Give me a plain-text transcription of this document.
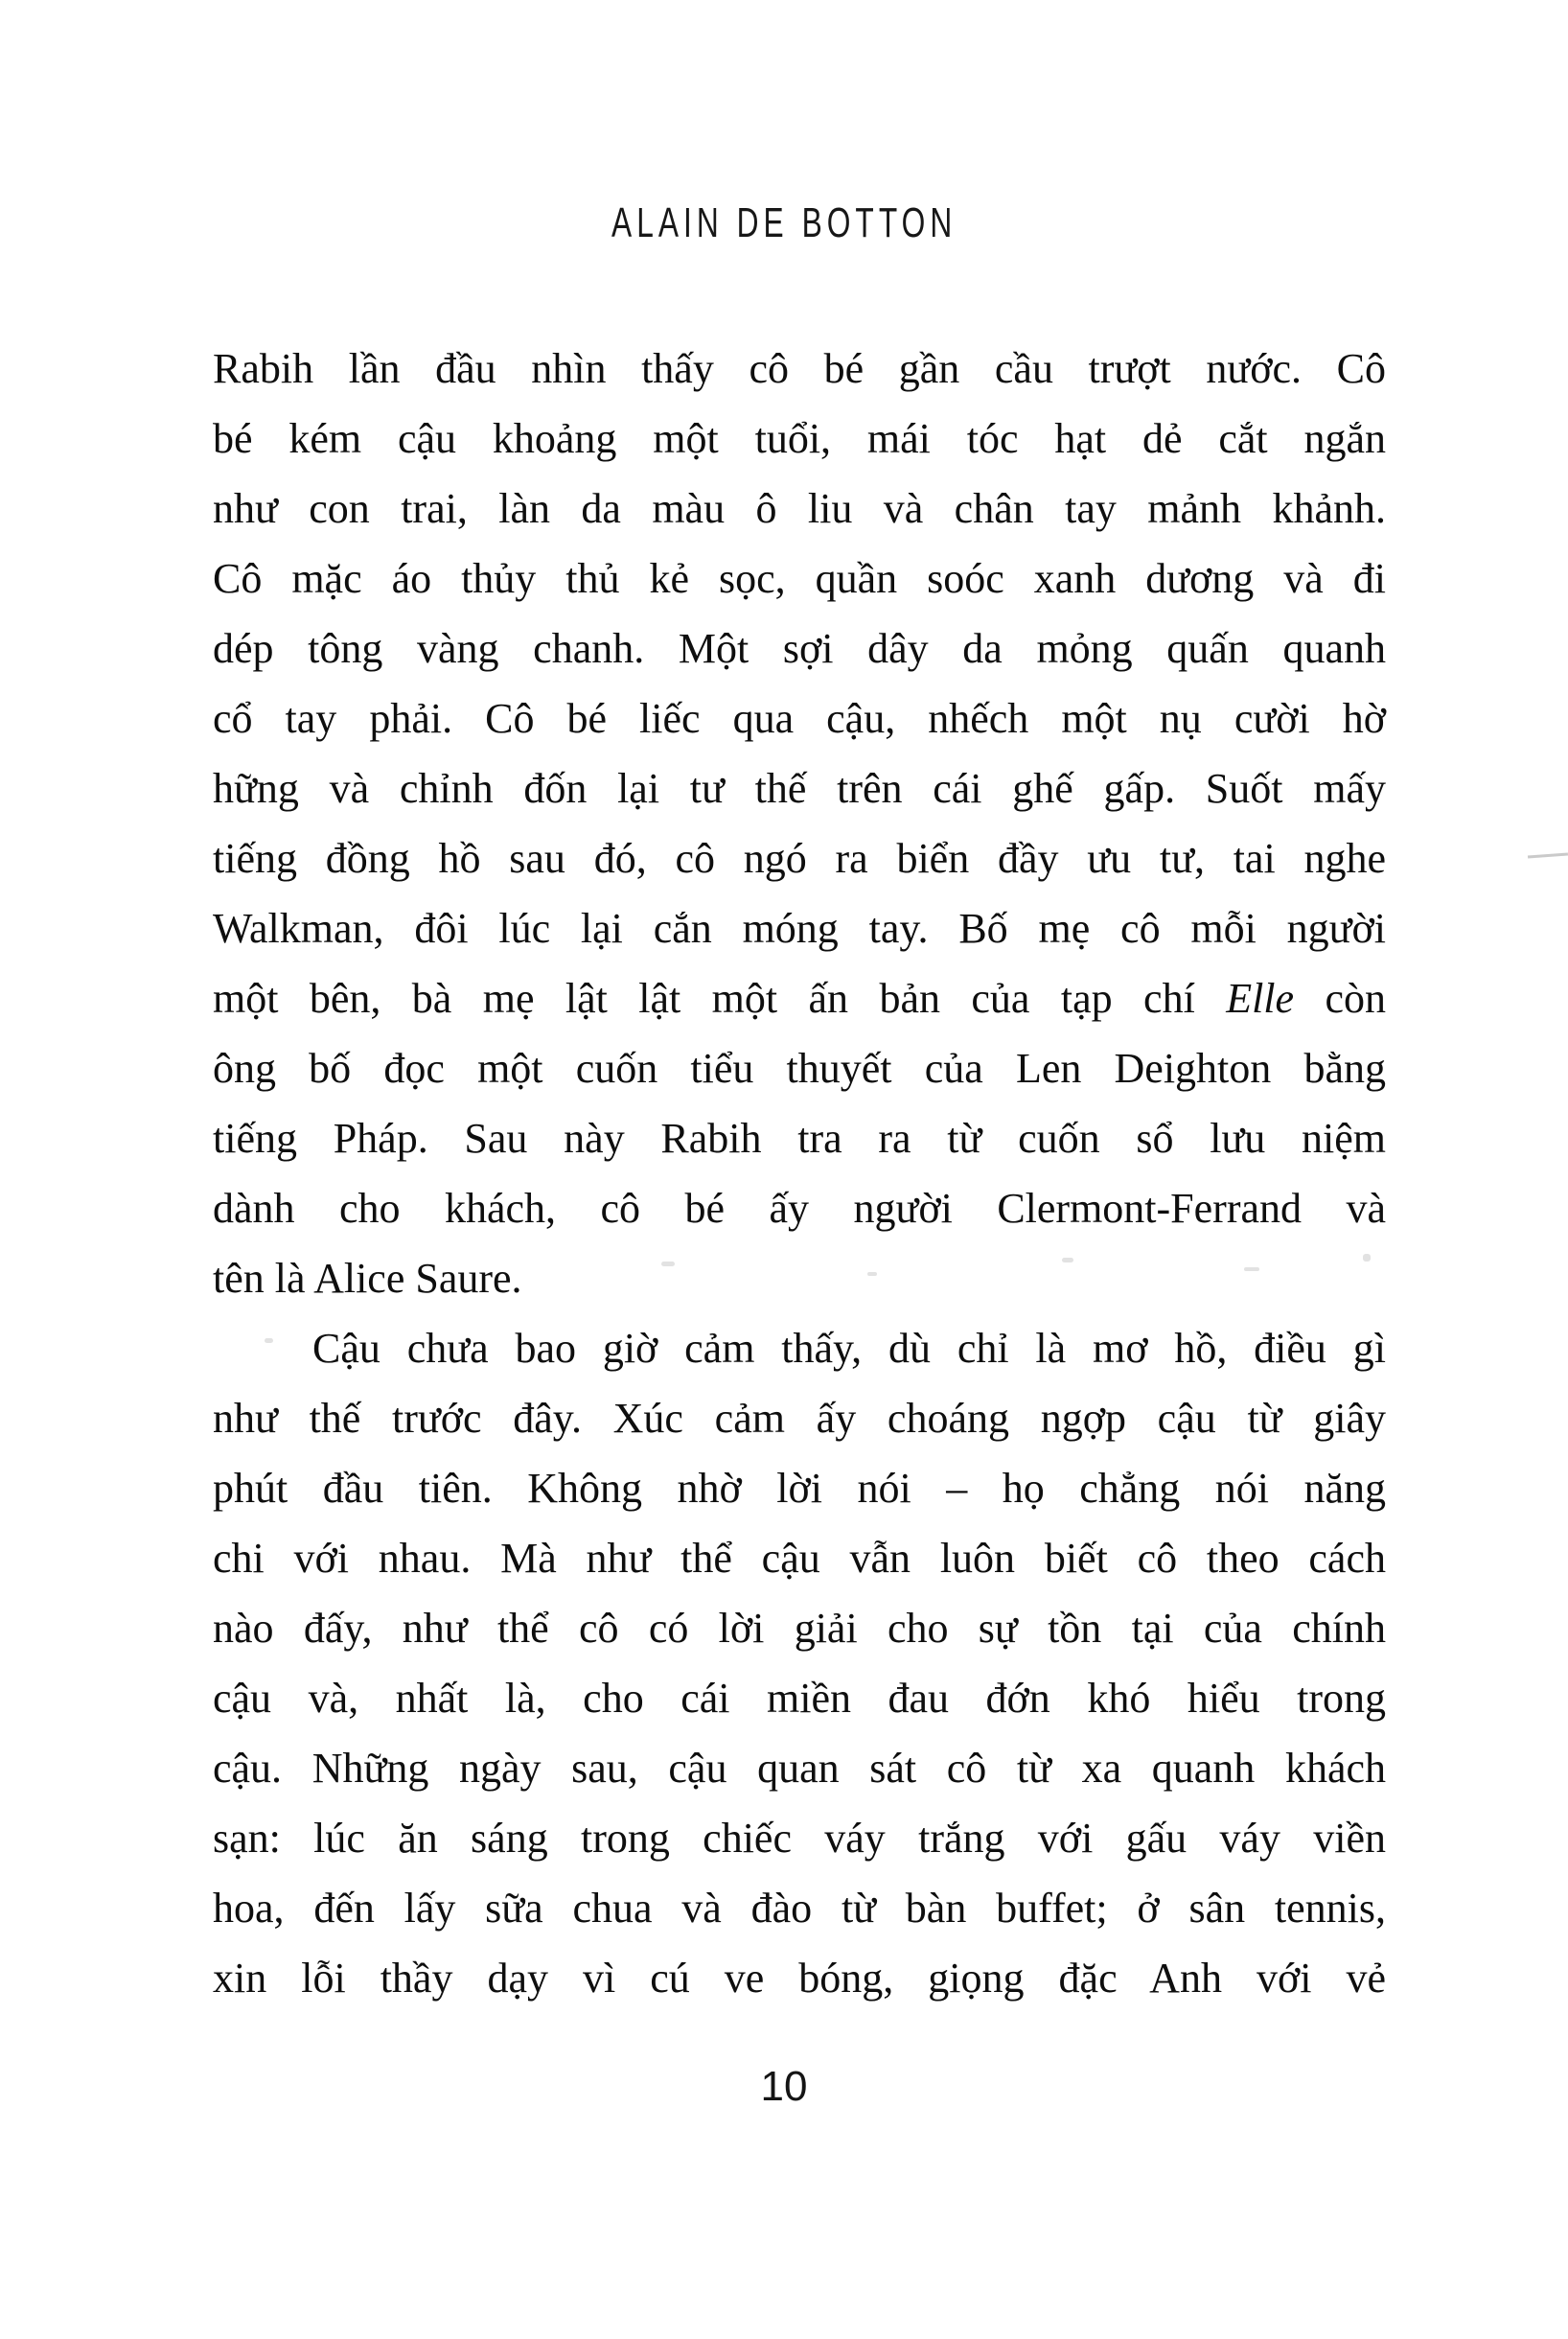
ALAIN DE BOTTON
Rabih lần đầu nhìn thấy cô bé gần cầu trượt nước. Cô
bé kém cậu khoảng một tuổi, mái tóc hạt dẻ cắt ngắn
như con trai, làn da màu ô liu và chân tay mảnh khảnh.
Cô mặc áo thủy thủ kẻ sọc, quần soóc xanh dương và đi
dép tông vàng chanh. Một sợi dây da mỏng quấn quanh
cổ tay phải. Cô bé liếc qua cậu, nhếch một nụ cười hờ
hững và chỉnh đốn lại tư thế trên cái ghế gấp. Suốt mấy
tiếng đồng hồ sau đó, cô ngó ra biển đầy ưu tư, tai nghe
Walkman, đôi lúc lại cắn móng tay. Bố mẹ cô mỗi người
một bên, bà mẹ lật lật một ấn bản của tạp chí Elle còn
ông bố đọc một cuốn tiểu thuyết của Len Deighton bằng
tiếng Pháp. Sau này Rabih tra ra từ cuốn sổ lưu niệm
dành cho khách, cô bé ấy người Clermont-Ferrand và
tên là Alice Saure.
Cậu chưa bao giờ cảm thấy, dù chỉ là mơ hồ, điều gì
như thế trước đây. Xúc cảm ấy choáng ngợp cậu từ giây
phút đầu tiên. Không nhờ lời nói – họ chẳng nói năng
chi với nhau. Mà như thể cậu vẫn luôn biết cô theo cách
nào đấy, như thể cô có lời giải cho sự tồn tại của chính
cậu và, nhất là, cho cái miền đau đớn khó hiểu trong
cậu. Những ngày sau, cậu quan sát cô từ xa quanh khách
sạn: lúc ăn sáng trong chiếc váy trắng với gấu váy viền
hoa, đến lấy sữa chua và đào từ bàn buffet; ở sân tennis,
xin lỗi thầy dạy vì cú ve bóng, giọng đặc Anh với vẻ
10
